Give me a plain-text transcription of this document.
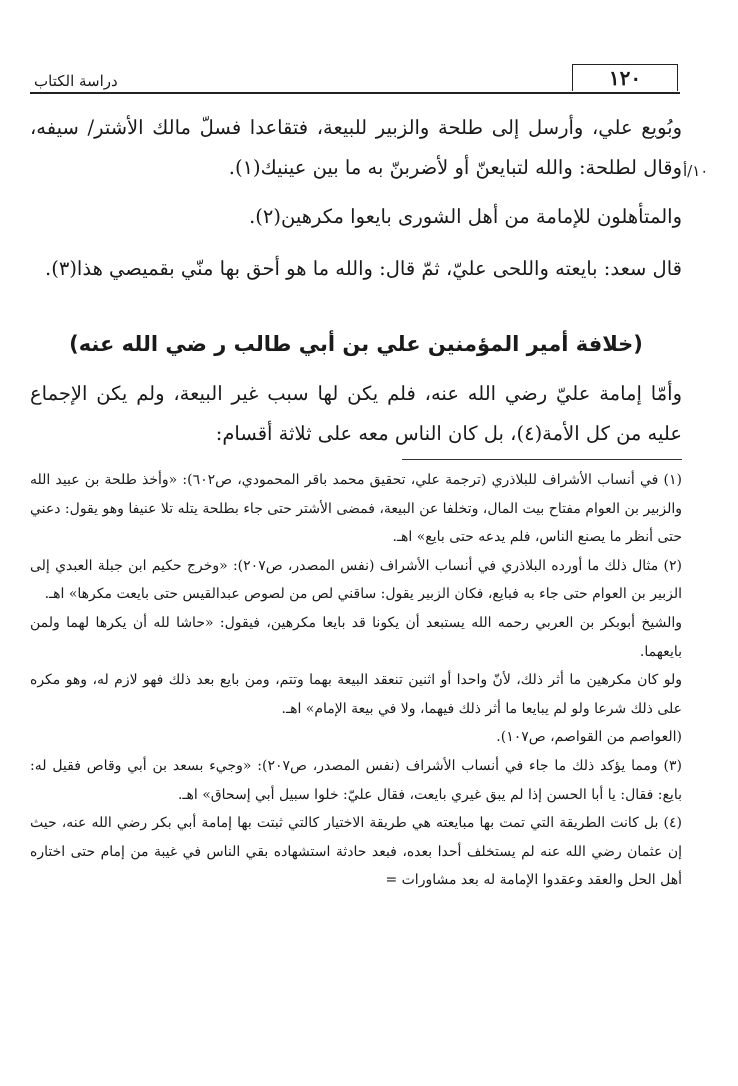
١٢٠
دراسة الكتاب
١٠/أ

وبُويع علي، وأرسل إلى طلحة والزبير للبيعة، فتقاعدا فسلّ مالك الأشتر/ سيفه، وقال لطلحة: والله لتبايعنّ أو لأضربنّ به ما بين عينيك(١).

والمتأهلون للإمامة من أهل الشورى بايعوا مكرهين(٢).

قال سعد: بايعته واللحى عليّ، ثمّ قال: والله ما هو أحق بها منّي بقميصي هذا(٣).

(خلافة أمير المؤمنين علي بن أبي طالب ر ضي الله عنه)

وأمّا إمامة عليّ رضي الله عنه، فلم يكن لها سبب غير البيعة، ولم يكن الإجماع عليه من كل الأمة(٤)، بل كان الناس معه على ثلاثة أقسام:

(١) في أنساب الأشراف للبلاذري (ترجمة علي، تحقيق محمد باقر المحمودي، ص٦٠٢): «وأخذ طلحة بن عبيد الله والزبير بن العوام مفتاح بيت المال، وتخلفا عن البيعة، فمضى الأشتر حتى جاء بطلحة يتله تلا عنيفا وهو يقول: دعني حتى أنظر ما يصنع الناس، فلم يدعه حتى بايع» اهـ.

(٢) مثال ذلك ما أورده البلاذري في أنساب الأشراف (نفس المصدر، ص٢٠٧): «وخرج حكيم ابن جبلة العبدي إلى الزبير بن العوام حتى جاء به فبايع، فكان الزبير يقول: ساقني لص من لصوص عبدالقيس حتى بايعت مكرها» اهـ.

والشيخ أبوبكر بن العربي رحمه الله يستبعد أن يكونا قد بايعا مكرهين، فيقول: «حاشا لله أن يكرها لهما ولمن بايعهما.

ولو كان مكرهين ما أثر ذلك، لأنّ واحدا أو اثنين تنعقد البيعة بهما وتتم، ومن بايع بعد ذلك فهو لازم له، وهو مكره على ذلك شرعا ولو لم يبايعا ما أثر ذلك فيهما، ولا في بيعة الإمام» اهـ.

(العواصم من القواصم، ص١٠٧).

(٣) ومما يؤكد ذلك ما جاء في أنساب الأشراف (نفس المصدر، ص٢٠٧): «وجيء بسعد بن أبي وقاص فقيل له: بايع: فقال: يا أبا الحسن إذا لم يبق غيري بايعت، فقال عليّ: خلوا سبيل أبي إسحاق» اهـ.

(٤) بل كانت الطريقة التي تمت بها مبايعته هي طريقة الاختيار كالتي ثبتت بها إمامة أبي بكر رضي الله عنه، حيث إن عثمان رضي الله عنه لم يستخلف أحدا بعده، فبعد حادثة استشهاده بقي الناس في غيبة من إمام حتى اختاره أهل الحل والعقد وعقدوا الإمامة له بعد مشاورات =
